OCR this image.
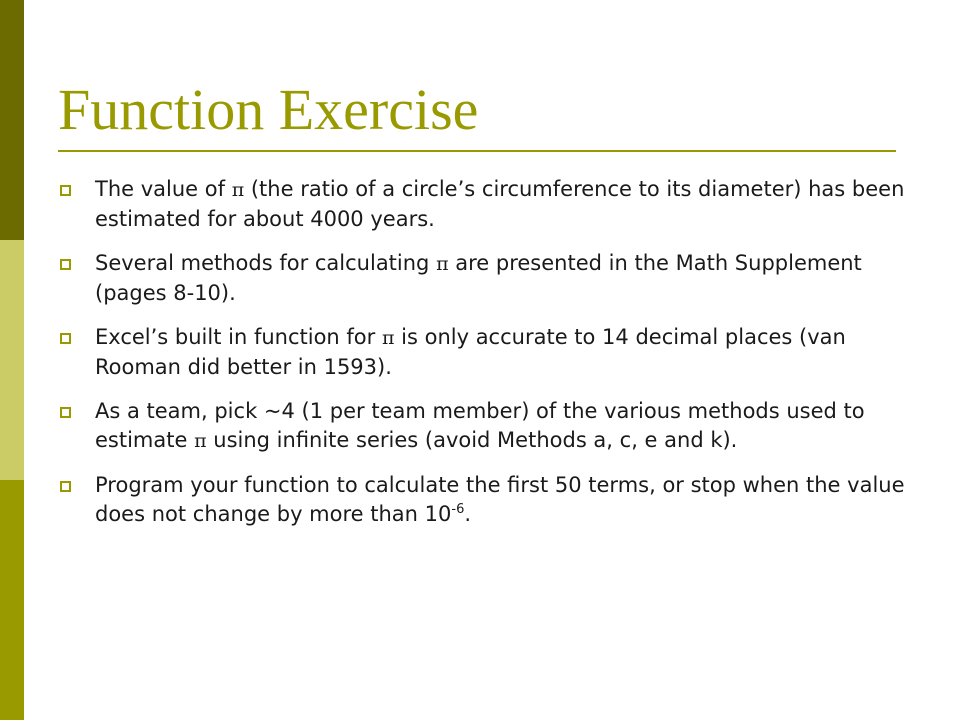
Function Exercise
The value of π (the ratio of a circle’s circumference to its diameter) has been estimated for about 4000 years.
Several methods for calculating π are presented in the Math Supplement (pages 8-10).
Excel’s built in function for π is only accurate to 14 decimal places (van Rooman did better in 1593).
As a team, pick ~4 (1 per team member) of the various methods used to estimate π using infinite series (avoid Methods a, c, e and k).
Program your function to calculate the first 50 terms, or stop when the value does not change by more than $10^{-6}$.
